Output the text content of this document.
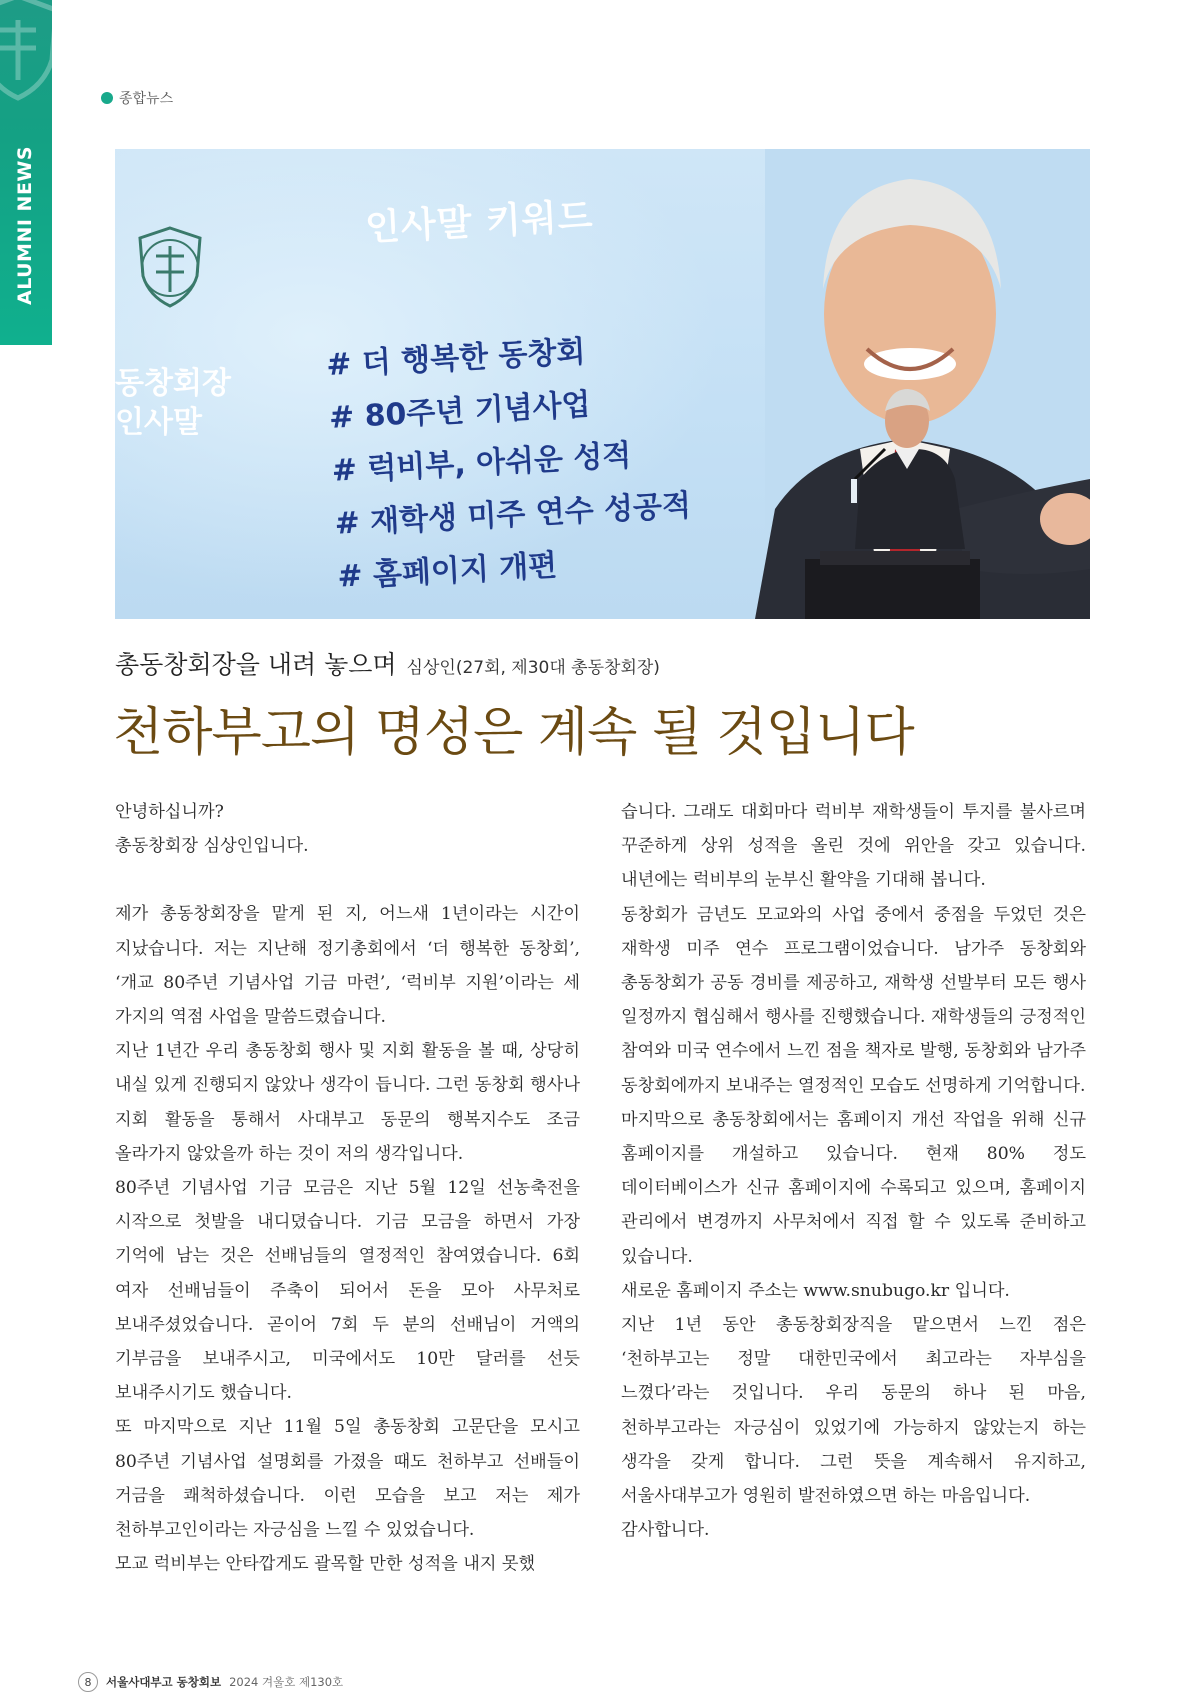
ALUMNI NEWS
종합뉴스
인사말 키워드
동창회장
인사말
# 더 행복한 동창회
# 80주년 기념사업
# 럭비부, 아쉬운 성적
# 재학생 미주 연수 성공적
# 홈페이지 개편
총동창회장을 내려 놓으며 심상인(27회, 제30대 총동창회장)
천하부고의 명성은 계속 될 것입니다

안녕하십니까?

총동창회장 심상인입니다.

제가 총동창회장을 맡게 된 지, 어느새 1년이라는 시간이 지났습니다. 저는 지난해 정기총회에서 ‘더 행복한 동창회’, ‘개교 80주년 기념사업 기금 마련’, ‘럭비부 지원’이라는 세 가지의 역점 사업을 말씀드렸습니다.

지난 1년간 우리 총동창회 행사 및 지회 활동을 볼 때, 상당히 내실 있게 진행되지 않았나 생각이 듭니다. 그런 동창회 행사나 지회 활동을 통해서 사대부고 동문의 행복지수도 조금 올라가지 않았을까 하는 것이 저의 생각입니다.

80주년 기념사업 기금 모금은 지난 5월 12일 선농축전을 시작으로 첫발을 내디뎠습니다. 기금 모금을 하면서 가장 기억에 남는 것은 선배님들의 열정적인 참여였습니다. 6회 여자 선배님들이 주축이 되어서 돈을 모아 사무처로 보내주셨었습니다. 곧이어 7회 두 분의 선배님이 거액의 기부금을 보내주시고, 미국에서도 10만 달러를 선듯 보내주시기도 했습니다.

또 마지막으로 지난 11월 5일 총동창회 고문단을 모시고 80주년 기념사업 설명회를 가졌을 때도 천하부고 선배들이 거금을 쾌척하셨습니다. 이런 모습을 보고 저는 제가 천하부고인이라는 자긍심을 느낄 수 있었습니다.

모교 럭비부는 안타깝게도 괄목할 만한 성적을 내지 못했

습니다. 그래도 대회마다 럭비부 재학생들이 투지를 불사르며 꾸준하게 상위 성적을 올린 것에 위안을 갖고 있습니다. 내년에는 럭비부의 눈부신 활약을 기대해 봅니다.

동창회가 금년도 모교와의 사업 중에서 중점을 두었던 것은 재학생 미주 연수 프로그램이었습니다. 남가주 동창회와 총동창회가 공동 경비를 제공하고, 재학생 선발부터 모든 행사 일정까지 협심해서 행사를 진행했습니다. 재학생들의 긍정적인 참여와 미국 연수에서 느낀 점을 책자로 발행, 동창회와 남가주 동창회에까지 보내주는 열정적인 모습도 선명하게 기억합니다.

마지막으로 총동창회에서는 홈페이지 개선 작업을 위해 신규 홈페이지를 개설하고 있습니다. 현재 80% 정도 데이터베이스가 신규 홈페이지에 수록되고 있으며, 홈페이지 관리에서 변경까지 사무처에서 직접 할 수 있도록 준비하고 있습니다.

새로운 홈페이지 주소는 www.snubugo.kr 입니다.

지난 1년 동안 총동창회장직을 맡으면서 느낀 점은 ‘천하부고는 정말 대한민국에서 최고라는 자부심을 느꼈다’라는 것입니다. 우리 동문의 하나 된 마음, 천하부고라는 자긍심이 있었기에 가능하지 않았는지 하는 생각을 갖게 합니다. 그런 뜻을 계속해서 유지하고, 서울사대부고가 영원히 발전하였으면 하는 마음입니다.

감사합니다.

8	서울사대부고 동창회보 2024 겨울호 제130호
